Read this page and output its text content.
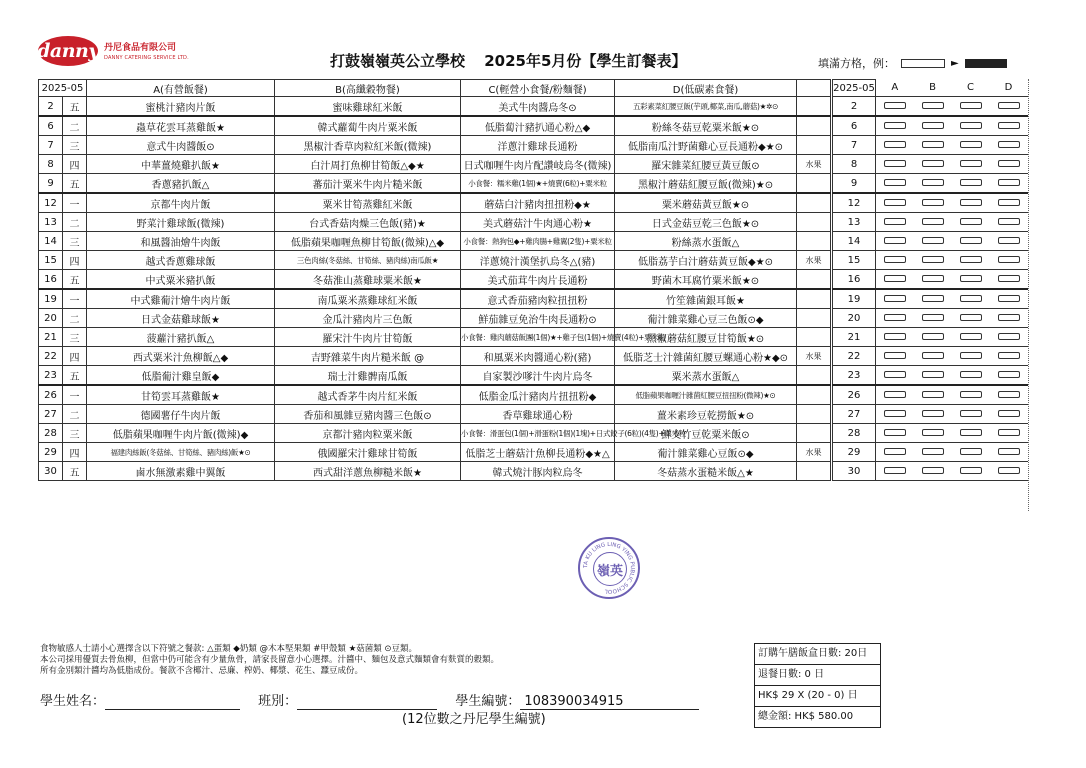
danny 丹尼食品有限公司
DANNY CATERING SERVICE LTD.	打鼓嶺嶺英公立學校 2025年5月份【學生訂餐表】	填滿方格，例：	►
2025-05		A(有營飯餐)	B(高纖穀物餐)	C(輕營小食餐/粉麵餐)	D(低碳素食餐)	
2	五	蜜桃汁豬肉片飯	蜜味雞球紅米飯	美式牛肉醬烏冬⊙	五彩素菜紅腰豆飯(芋頭,椰菜,南瓜,蘑菇)★✲⊙	
6	二	蟲草花雲耳蒸雞飯★	韓式蘿蔔牛肉片粟米飯	低脂蔔汁豬扒通心粉△◆	粉絲冬菇豆乾粟米飯★⊙	
7	三	意式牛肉醬飯⊙	黑椒汁香草肉粒紅米飯(微辣)	洋蔥汁雞球長通粉	低脂南瓜汁野菌雞心豆長通粉◆★⊙	
8	四	中華薑燒雞扒飯★	白汁周打魚柳甘筍飯△◆★	日式咖喱牛肉片配讚岐烏冬(微辣)	羅宋雜菜紅腰豆黃豆飯⊙	水果
9	五	香蔥豬扒飯△	蕃茄汁粟米牛肉片糙米飯	小食餐：糯米雞(1個)★+燒賣(6粒)+粟米粒	黑椒汁蘑菇紅腰豆飯(微辣)★⊙	
12	一	京都牛肉片飯	粟米甘筍蒸雞紅米飯	蘑菇白汁豬肉扭扭粉◆★	粟米蘑菇黃豆飯★⊙	
13	二	野菜汁雞球飯(微辣)	台式香菇肉燥三色飯(豬)★	美式蘑菇汁牛肉通心粉★	日式金菇豆乾三色飯★⊙	
14	三	和風醬油燴牛肉飯	低脂蘋果咖喱魚柳甘筍飯(微辣)△◆	小食餐：熱狗包◆+雞肉腸+雞翼(2隻)+粟米粒	粉絲蒸水蛋飯△	
15	四	越式香蔥雞球飯	三色肉絲(冬菇絲、甘筍絲、豬肉絲)南瓜飯★	洋蔥燒汁漢堡扒烏冬△(豬)	低脂荔芋白汁蘑菇黃豆飯◆★⊙	水果
16	五	中式粟米豬扒飯	冬菇淮山蒸雞球粟米飯★	美式茄茸牛肉片長通粉	野菌木耳腐竹粟米飯★⊙	
19	一	中式雞葡汁燴牛肉片飯	南瓜粟米蒸雞球紅米飯	意式香茄豬肉粒扭扭粉	竹笙雜菌銀耳飯★	
20	二	日式金菇雞球飯★	金瓜汁豬肉片三色飯	鮮茄雜豆免治牛肉長通粉⊙	葡汁雜菜雞心豆三色飯⊙◆	
21	三	菠蘿汁豬扒飯△	羅宋汁牛肉片甘筍飯	小食餐：雞肉蘑菇飯團(1個)★+雞子包(1個)+燒賣(4粒)+粟米粒	黑椒蘑菇紅腰豆甘筍飯★⊙	
22	四	西式粟米汁魚柳飯△◆	吉野雜菜牛肉片糙米飯 @	和風粟米肉醬通心粉(豬)	低脂芝士汁雜菌紅腰豆螺通心粉★◆⊙	水果
23	五	低脂葡汁雞皇飯◆	瑞士汁雞髀南瓜飯	自家製沙嗲汁牛肉片烏冬	粟米蒸水蛋飯△	
26	一	甘筍雲耳蒸雞飯★	越式香茅牛肉片紅米飯	低脂金瓜汁豬肉片扭扭粉◆	低脂蘋果咖喱汁雜菌紅腰豆扭扭粉(微辣)★⊙	
27	二	德國薯仔牛肉片飯	香茄和風雜豆豬肉醬三色飯⊙	香草雞球通心粉	薑米素珍豆乾撈飯★⊙	
28	三	低脂蘋果咖喱牛肉片飯(微辣)◆	京都汁豬肉粒粟米飯	小食餐：滑蛋包(1個)+滑蛋粉(1個)(1塊)+日式餃子(6粒)(4隻)+粟米粒	鮮支竹豆乾粟米飯⊙	
29	四	福建肉絲飯(冬菇絲、甘筍絲、豬肉絲)飯★⊙	俄國羅宋汁雞球甘筍飯	低脂芝士蘑菇汁魚柳長通粉◆★△	葡汁雜菜雞心豆飯⊙◆	水果
30	五	鹵水無激素雞中翼飯	西式甜洋蔥魚柳糙米飯★	韓式燒汁豚肉粒烏冬	冬菇蒸水蛋糙米飯△★	
2025-05	A	B	C	D
2				
6				
7				
8				
9				
12				
13				
14				
15				
16				
19				
20				
21				
22				
23				
26				
27				
28				
29				
30				
TA KU LING LING YING PUBLIC SCHOOL
嶺英
食物敏感人士請小心選擇含以下符號之餐款: △蛋類 ◆奶類 @木本堅果類 #甲殼類 ★菇菌類 ⊙豆類。
本公司採用優質去骨魚柳，但當中仍可能含有少量魚骨，請家長留意小心選擇。汁醬中、麵包及意式麵類會有麩質的穀類。
所有金別類汁醬均為低脂成份。餐款不含椰汁、忌廉、榨奶、椰漿、花生、蠶豆成份。
學生姓名：	班別：	學生編號： 108390034915
(12位數之丹尼學生編號)
訂購午膳飯盒日數: 20日
退餐日數: 0 日
HK$ 29 X (20 - 0) 日
總金額: HK$ 580.00
